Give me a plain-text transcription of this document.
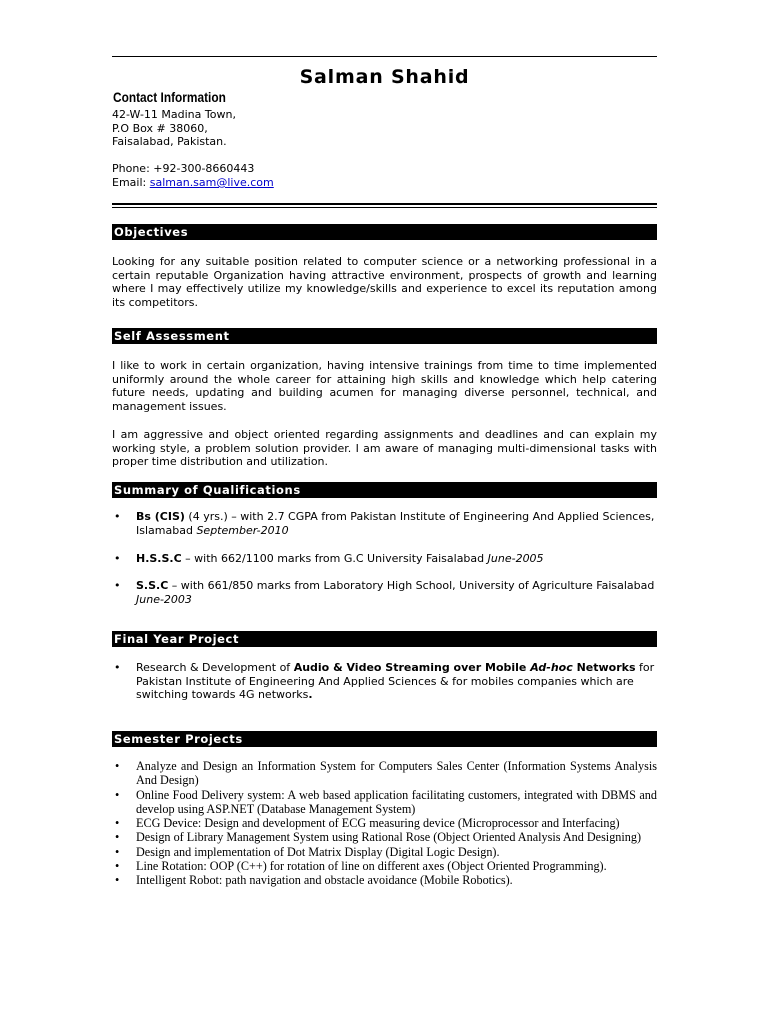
Salman Shahid
Contact Information
42-W-11 Madina Town,
P.O Box # 38060,
Faisalabad, Pakistan.
Phone: +92-300-8660443
Email: salman.sam@live.com
Objectives
Looking for any suitable position related to computer science or a networking professional in a certain reputable Organization having attractive environment, prospects of growth and learning where I may effectively utilize my knowledge/skills and experience to excel its reputation among its competitors.
Self Assessment
I like to work in certain organization, having intensive trainings from time to time implemented uniformly around the whole career for attaining high skills and knowledge which help catering future needs, updating and building acumen for managing diverse personnel, technical, and management issues.
I am aggressive and object oriented regarding assignments and deadlines and can explain my working style, a problem solution provider. I am aware of managing multi-dimensional tasks with proper time distribution and utilization.
Summary of Qualifications
• Bs (CIS) (4 yrs.) – with 2.7 CGPA from Pakistan Institute of Engineering And Applied Sciences, Islamabad September-2010
• H.S.S.C – with 662/1100 marks from G.C University Faisalabad June-2005
• S.S.C – with 661/850 marks from Laboratory High School, University of Agriculture Faisalabad June-2003
Final Year Project
• Research & Development of Audio & Video Streaming over Mobile Ad-hoc Networks for Pakistan Institute of Engineering And Applied Sciences & for mobiles companies which are switching towards 4G networks.
Semester Projects
• Analyze and Design an Information System for Computers Sales Center (Information Systems Analysis And Design)
• Online Food Delivery system: A web based application facilitating customers, integrated with DBMS and develop using ASP.NET (Database Management System)
• ECG Device: Design and development of ECG measuring device (Microprocessor and Interfacing)
• Design of Library Management System using Rational Rose (Object Oriented Analysis And Designing)
• Design and implementation of Dot Matrix Display (Digital Logic Design).
• Line Rotation: OOP (C++) for rotation of line on different axes (Object Oriented Programming).
• Intelligent Robot: path navigation and obstacle avoidance (Mobile Robotics).
